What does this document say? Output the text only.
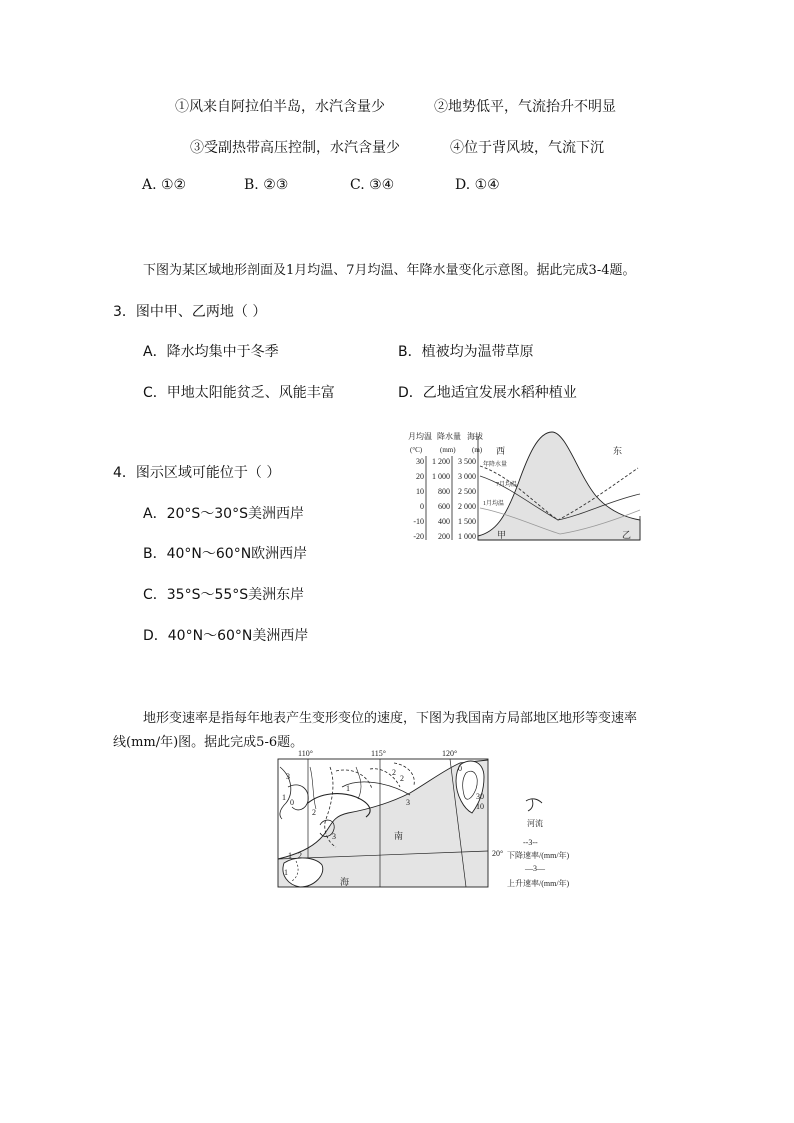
①风来自阿拉伯半岛，水汽含量少	②地势低平，气流抬升不明显
③受副热带高压控制，水汽含量少	④位于背风坡，气流下沉
A. ①②	B. ②③	C. ③④	D. ①④
下图为某区域地形剖面及1月均温、7月均温、年降水量变化示意图。据此完成3-4题。
3．图中甲、乙两地（ ）
A．降水均集中于冬季	B．植被均为温带草原
C．甲地太阳能贫乏、风能丰富	D．乙地适宜发展水稻种植业
4．图示区域可能位于（ ）
A．20°S～30°S美洲西岸
B．40°N～60°N欧洲西岸
C．35°S～55°S美洲东岸
D．40°N～60°N美洲西岸
月均温 降水量 海拔
(°C)	(mm) (m)
30
20
10
0
-10
-20
1 200
1 000
800
600
400
200
3 500
3 000
2 500
2 000
1 500
1 000
年降水量
7月均温
1月均温
西	东
甲	乙
地形变速率是指每年地表产生变形变位的速度，下图为我国南方局部地区地形等变速率
线(mm/年)图。据此完成5-6题。
110°	115°	120°
20°
3
1
0
2
1
2
3
1 2
3
1
2	0
30
10
南
海
河流
--3--
下降速率/(mm/年)
—3—
上升速率/(mm/年)
